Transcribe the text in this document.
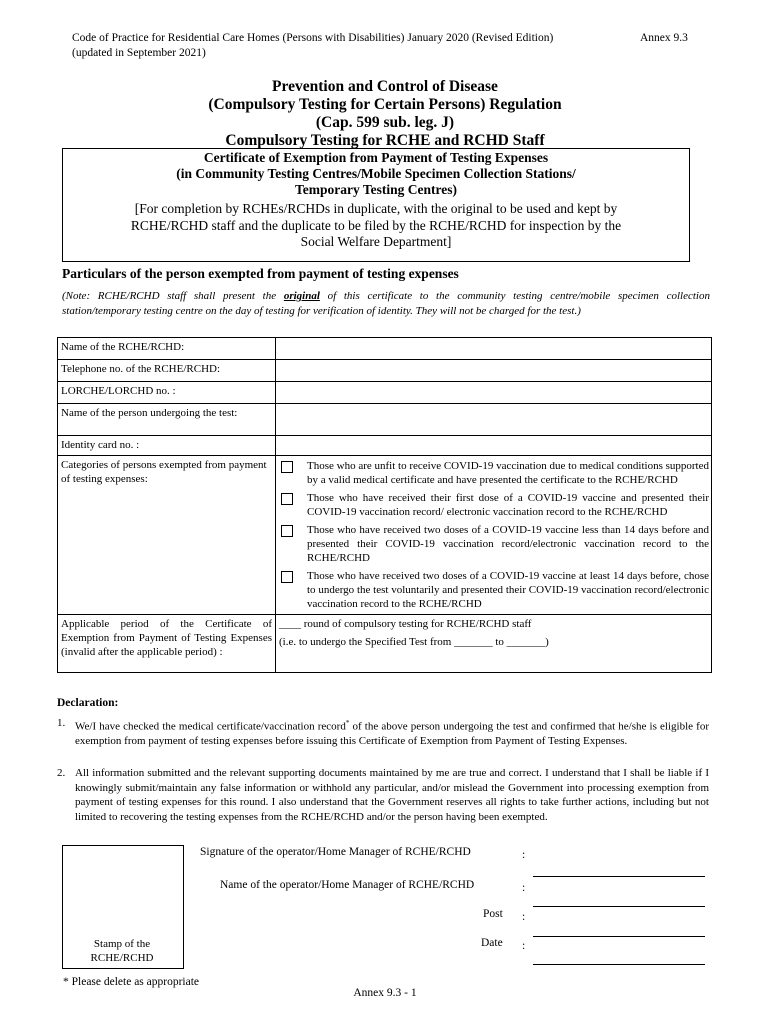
Code of Practice for Residential Care Homes (Persons with Disabilities) January 2020 (Revised Edition)
(updated in September 2021)
Annex 9.3
Prevention and Control of Disease
(Compulsory Testing for Certain Persons) Regulation
(Cap. 599 sub. leg. J)
Compulsory Testing for RCHE and RCHD Staff
Certificate of Exemption from Payment of Testing Expenses
(in Community Testing Centres/Mobile Specimen Collection Stations/
Temporary Testing Centres)
[For completion by RCHEs/RCHDs in duplicate, with the original to be used and kept by
RCHE/RCHD staff and the duplicate to be filed by the RCHE/RCHD for inspection by the
Social Welfare Department]
Particulars of the person exempted from payment of testing expenses
(Note: RCHE/RCHD staff shall present the original of this certificate to the community testing centre/mobile specimen collection station/temporary testing centre on the day of testing for verification of identity. They will not be charged for the test.)
Name of the RCHE/RCHD:	
Telephone no. of the RCHE/RCHD:	
LORCHE/LORCHD no. :	
Name of the person undergoing the test:	
Identity card no. :	
Categories of persons exempted from payment of testing expenses:	Those who are unfit to receive COVID-19 vaccination due to medical conditions supported by a valid medical certificate and have presented the certificate to the RCHE/RCHD
Those who have received their first dose of a COVID-19 vaccine and presented their COVID-19 vaccination record/ electronic vaccination record to the RCHE/RCHD
Those who have received two doses of a COVID-19 vaccine less than 14 days before and presented their COVID-19 vaccination record/electronic vaccination record to the RCHE/RCHD
Those who have received two doses of a COVID-19 vaccine at least 14 days before, chose to undergo the test voluntarily and presented their COVID-19 vaccination record/electronic vaccination record to the RCHE/RCHD

Applicable period of the Certificate of Exemption from Payment of Testing Expenses (invalid after the applicable period) :	____ round of compulsory testing for RCHE/RCHD staff
(i.e. to undergo the Specified Test from _______ to _______)
Declaration:
1. We/I have checked the medical certificate/vaccination record* of the above person undergoing the test and confirmed that he/she is eligible for exemption from payment of testing expenses before issuing this Certificate of Exemption from Payment of Testing Expenses.
2. All information submitted and the relevant supporting documents maintained by me are true and correct. I understand that I shall be liable if I knowingly submit/maintain any false information or withhold any particular, and/or mislead the Government into processing exemption from payment of testing expenses for this round. I also understand that the Government reserves all rights to take further actions, including but not limited to recovering the testing expenses from the RCHE/RCHD and/or the person having been exempted.
Stamp of the
RCHE/RCHD
Signature of the operator/Home Manager of RCHE/RCHD	:
Name of the operator/Home Manager of RCHE/RCHD	:
Post :
Date :
* Please delete as appropriate
Annex 9.3 - 1
